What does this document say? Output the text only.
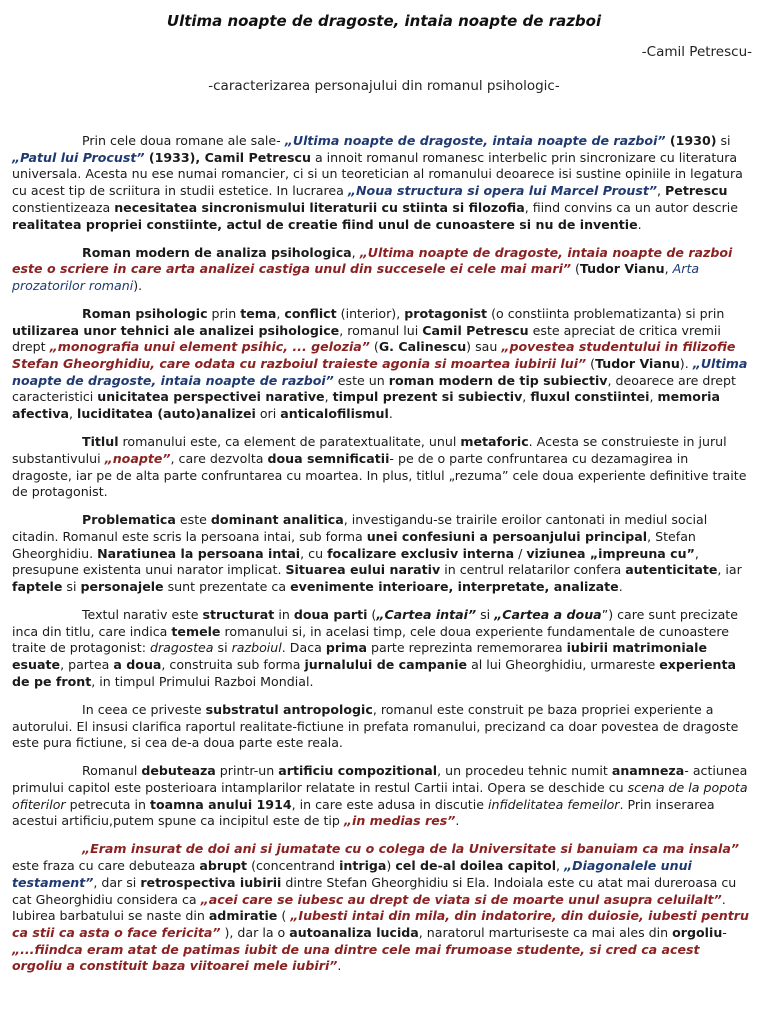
Ultima noapte de dragoste, intaia noapte de razboi
-Camil Petrescu-
-caracterizarea personajului din romanul psihologic-

Prin cele doua romane ale sale- „Ultima noapte de dragoste, intaia noapte de razboi” (1930) si „Patul lui Procust” (1933), Camil Petrescu a innoit romanul romanesc interbelic prin sincronizare cu literatura universala. Acesta nu ese numai romancier, ci si un teoretician al romanului deoarece isi sustine opiniile in legatura cu acest tip de scriitura in studii estetice. In lucrarea „Noua structura si opera lui Marcel Proust”, Petrescu constientizeaza necesitatea sincronismului literaturii cu stiinta si filozofia, fiind convins ca un autor descrie realitatea propriei constiinte, actul de creatie fiind unul de cunoastere si nu de inventie.

Roman modern de analiza psihologica, „Ultima noapte de dragoste, intaia noapte de razboi este o scriere in care arta analizei castiga unul din succesele ei cele mai mari” (Tudor Vianu, Arta prozatorilor romani).

Roman psihologic prin tema, conflict (interior), protagonist (o constiinta problematizanta) si prin utilizarea unor tehnici ale analizei psihologice, romanul lui Camil Petrescu este apreciat de critica vremii drept „monografia unui element psihic, ... gelozia” (G. Calinescu) sau „povestea studentului in filizofie Stefan Gheorghidiu, care odata cu razboiul traieste agonia si moartea iubirii lui” (Tudor Vianu). „Ultima noapte de dragoste, intaia noapte de razboi” este un roman modern de tip subiectiv, deoarece are drept caracteristici unicitatea perspectivei narative, timpul prezent si subiectiv, fluxul constiintei, memoria afectiva, luciditatea (auto)analizei ori anticalofilismul.

Titlul romanului este, ca element de paratextualitate, unul metaforic. Acesta se construieste in jurul substantivului „noapte”, care dezvolta doua semnificatii- pe de o parte confruntarea cu dezamagirea in dragoste, iar pe de alta parte confruntarea cu moartea. In plus, titlul „rezuma” cele doua experiente definitive traite de protagonist.

Problematica este dominant analitica, investigandu-se trairile eroilor cantonati in mediul social citadin. Romanul este scris la persoana intai, sub forma unei confesiuni a persoanjului principal, Stefan Gheorghidiu. Naratiunea la persoana intai, cu focalizare exclusiv interna / viziunea „impreuna cu”, presupune existenta unui narator implicat. Situarea eului narativ in centrul relatarilor confera autenticitate, iar faptele si personajele sunt prezentate ca evenimente interioare, interpretate, analizate.

Textul narativ este structurat in doua parti („Cartea intai” si „Cartea a doua”) care sunt precizate inca din titlu, care indica temele romanului si, in acelasi timp, cele doua experiente fundamentale de cunoastere traite de protagonist: dragostea si razboiul. Daca prima parte reprezinta rememorarea iubirii matrimoniale esuate, partea a doua, construita sub forma jurnalului de campanie al lui Gheorghidiu, urmareste experienta de pe front, in timpul Primului Razboi Mondial.

In ceea ce priveste substratul antropologic, romanul este construit pe baza propriei experiente a autorului. El insusi clarifica raportul realitate-fictiune in prefata romanului, precizand ca doar povestea de dragoste este pura fictiune, si cea de-a doua parte este reala.

Romanul debuteaza printr-un artificiu compozitional, un procedeu tehnic numit anamneza- actiunea primului capitol este posterioara intamplarilor relatate in restul Cartii intai. Opera se deschide cu scena de la popota ofiterilor petrecuta in toamna anului 1914, in care este adusa in discutie infidelitatea femeilor. Prin inserarea acestui artificiu,putem spune ca incipitul este de tip „in medias res”.

„Eram insurat de doi ani si jumatate cu o colega de la Universitate si banuiam ca ma insala” este fraza cu care debuteaza abrupt (concentrand intriga) cel de-al doilea capitol, „Diagonalele unui testament”, dar si retrospectiva iubirii dintre Stefan Gheorghidiu si Ela. Indoiala este cu atat mai dureroasa cu cat Gheorghidiu considera ca „acei care se iubesc au drept de viata si de moarte unul asupra celuilalt”. Iubirea barbatului se naste din admiratie ( „Iubesti intai din mila, din indatorire, din duiosie, iubesti pentru ca stii ca asta o face fericita” ), dar la o autoanaliza lucida, naratorul marturiseste ca mai ales din orgoliu- „...fiindca eram atat de patimas iubit de una dintre cele mai frumoase studente, si cred ca acest orgoliu a constituit baza viitoarei mele iubiri”.
